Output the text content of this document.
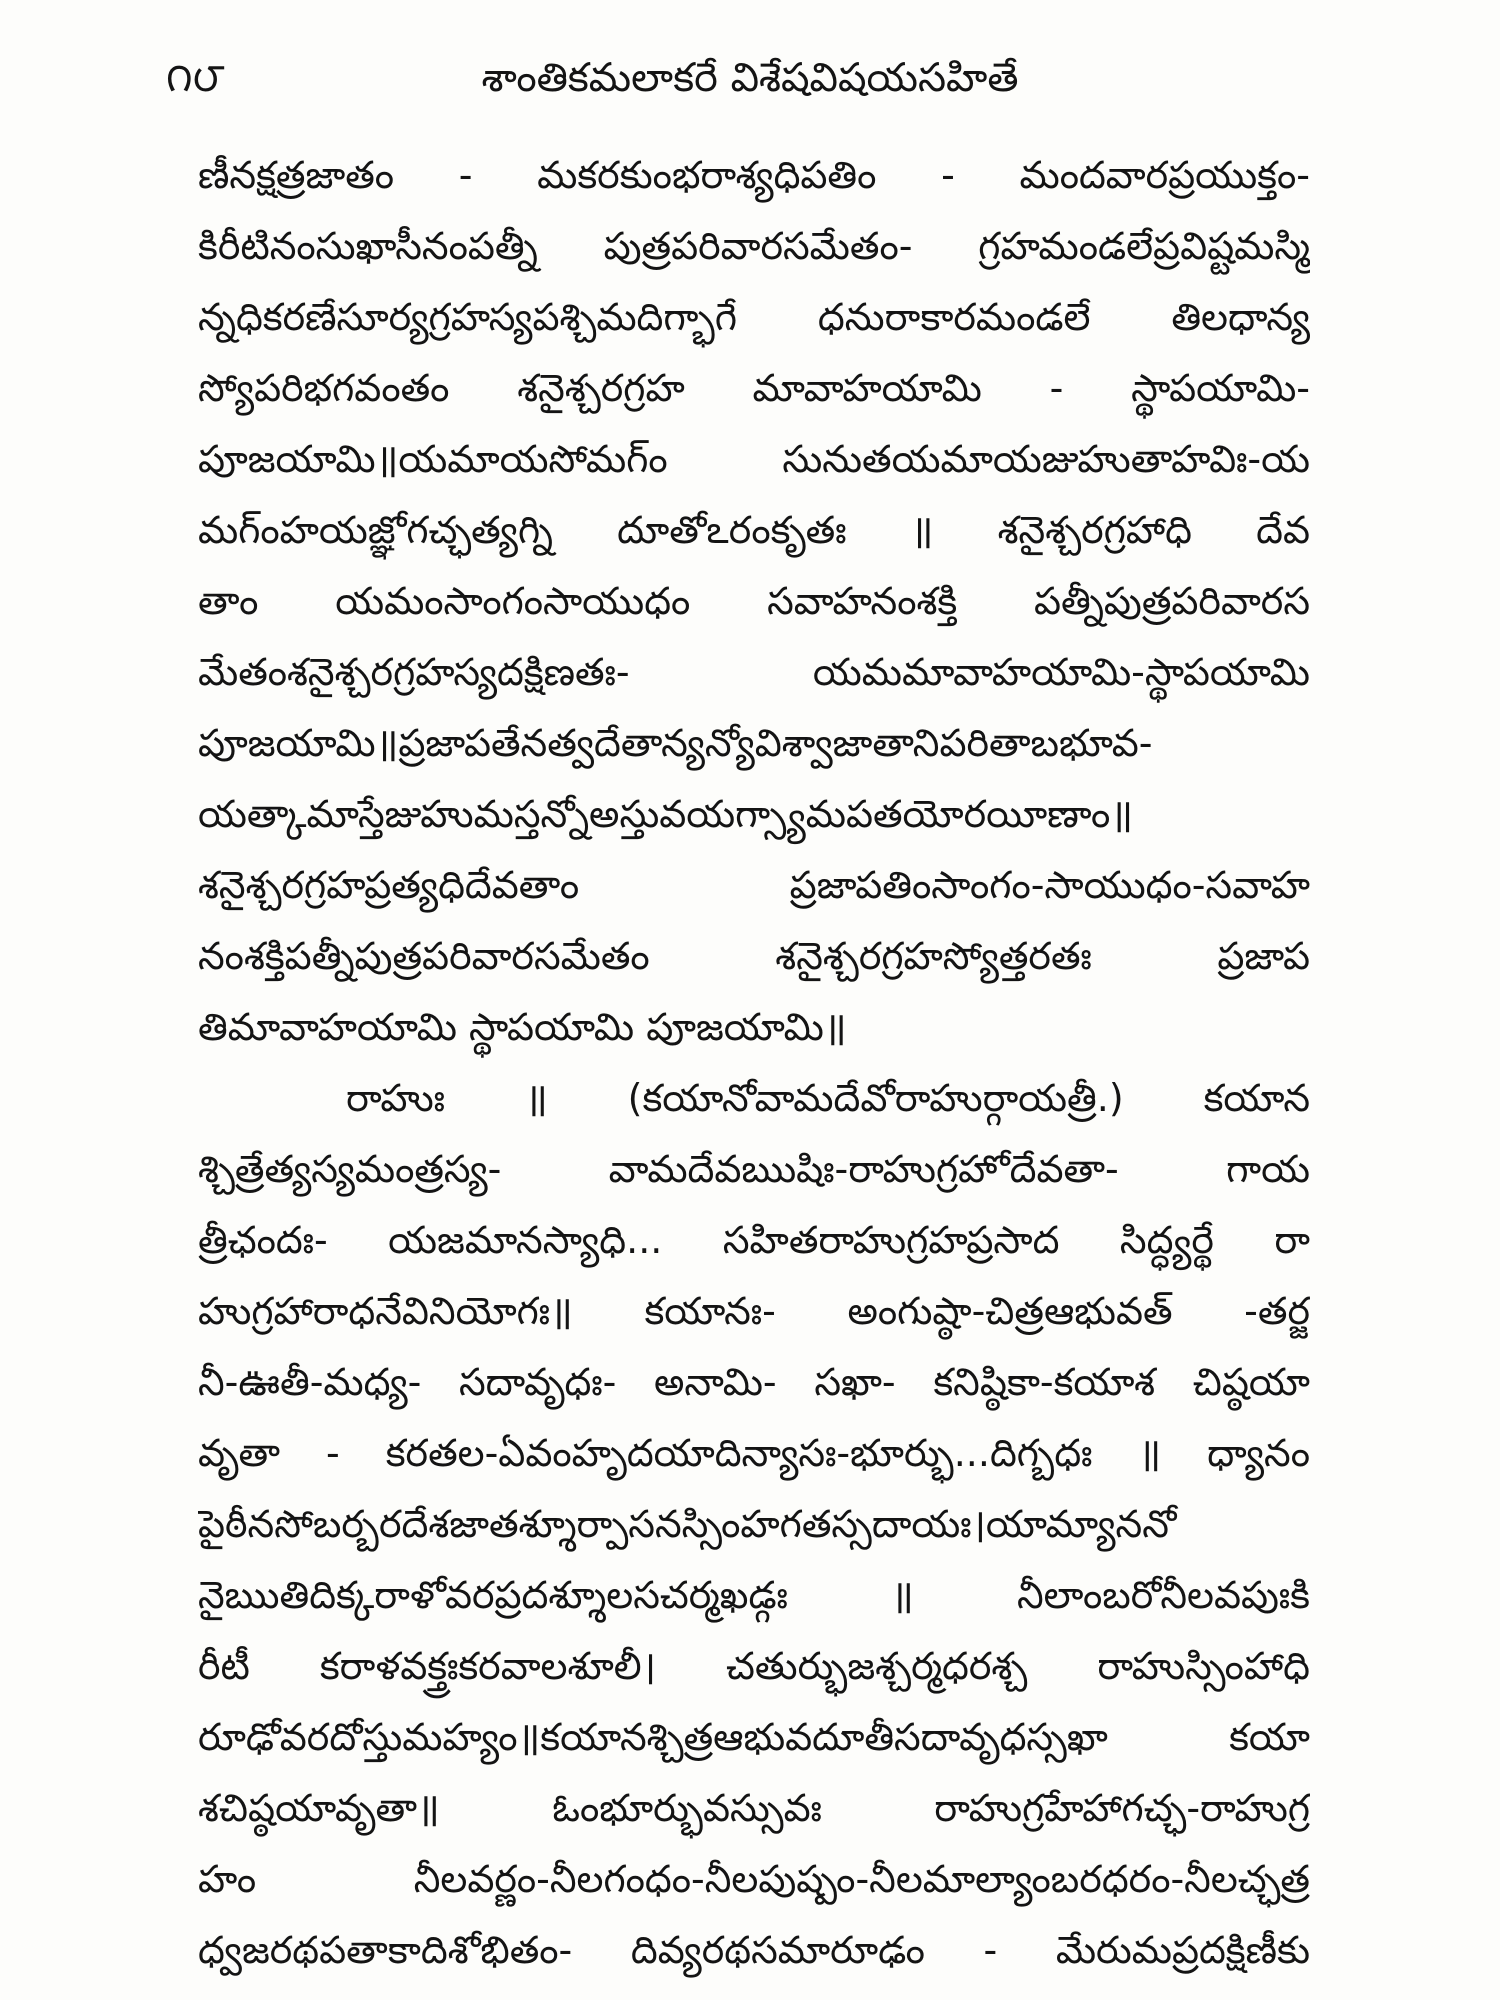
౧౮	శాంతికమలాకరే విశేషవిషయసహితే
ణీనక్షత్రజాతం - మకరకుంభరాశ్యధిపతిం - మందవారప్రయుక్తం-
కిరీటినంసుఖాసీనంపత్నీ పుత్రపరివారసమేతం- గ్రహమండలేప్రవిష్టమస్మి
న్నధికరణేసూర్యగ్రహస్యపశ్చిమదిగ్భాగే ధనురాకారమండలే తిలధాన్య
స్యోపరిభగవంతం శనైశ్చరగ్రహ మావాహయామి - స్థాపయామి-
పూజయామి॥యమాయసోమగ్ం సునుతయమాయజుహుతాహవిః-య
మగ్ంహయజ్ఞోగచ్ఛత్యగ్ని దూతోఽరంకృతః ॥ శనైశ్చరగ్రహాధి దేవ
తాం యమంసాంగంసాయుధం సవాహనంశక్తి పత్నీపుత్రపరివారస
మేతంశనైశ్చరగ్రహస్యదక్షిణతః- యమమావాహయామి-స్థాపయామి
పూజయామి॥ప్రజాపతేనత్వదేతాన్యన్యోవిశ్వాజాతానిపరితాబభూవ-
యత్కామాస్తేజుహుమస్తన్నోఅస్తువయగ్స్యామపతయోరయీణాం॥
శనైశ్చరగ్రహప్రత్యధిదేవతాం ప్రజాపతింసాంగం-సాయుధం-సవాహ
నంశక్తిపత్నీపుత్రపరివారసమేతం శనైశ్చరగ్రహస్యోత్తరతః ప్రజాప
తిమావాహయామి స్థాపయామి పూజయామి॥
రాహుః ॥ (కయానోవామదేవోరాహుర్గాయత్రీ.) కయాన
శ్చిత్రేత్యస్యమంత్రస్య- వామదేవఋషిః-రాహుగ్రహోదేవతా- గాయ
త్రీఛందః- యజమానస్యాధి... సహితరాహుగ్రహప్రసాద సిద్ధ్యర్థే రా
హుగ్రహారాధనేవినియోగః॥ కయానః- అంగుష్ఠా-చిత్రఆభువత్ -తర్జ
నీ-ఊతీ-మధ్య- సదావృధః- అనామి- సఖా- కనిష్ఠికా-కయాశ చిష్ఠయా
వృతా - కరతల-ఏవంహృదయాదిన్యాసః-భూర్భు...దిగ్బధః ॥ ధ్యానం
పైఠీనసోబర్బరదేశజాతశ్శూర్పాసనస్సింహగతస్సదాయః।యామ్యాననో
నైఋతిదిక్కరాళోవరప్రదశ్శూలసచర్మఖడ్గః ॥ నీలాంబరోనీలవపుఃకి
రీటీ కరాళవక్త్రఃకరవాలశూలీ। చతుర్భుజశ్చర్మధరశ్చ రాహుస్సింహాధి
రూఢోవరదోస్తుమహ్యం॥కయానశ్చిత్రఆభువదూతీసదావృధస్సఖా కయా
శచిష్ఠయావృతా॥ ఓంభూర్భువస్సువః రాహుగ్రహేహాగచ్ఛ-రాహుగ్ర
హం నీలవర్ణం-నీలగంధం-నీలపుష్పం-నీలమాల్యాంబరధరం-నీలచ్ఛత్ర
ధ్వజరథపతాకాదిశోభితం- దివ్యరథసమారూఢం - మేరుమప్రదక్షిణీకు
